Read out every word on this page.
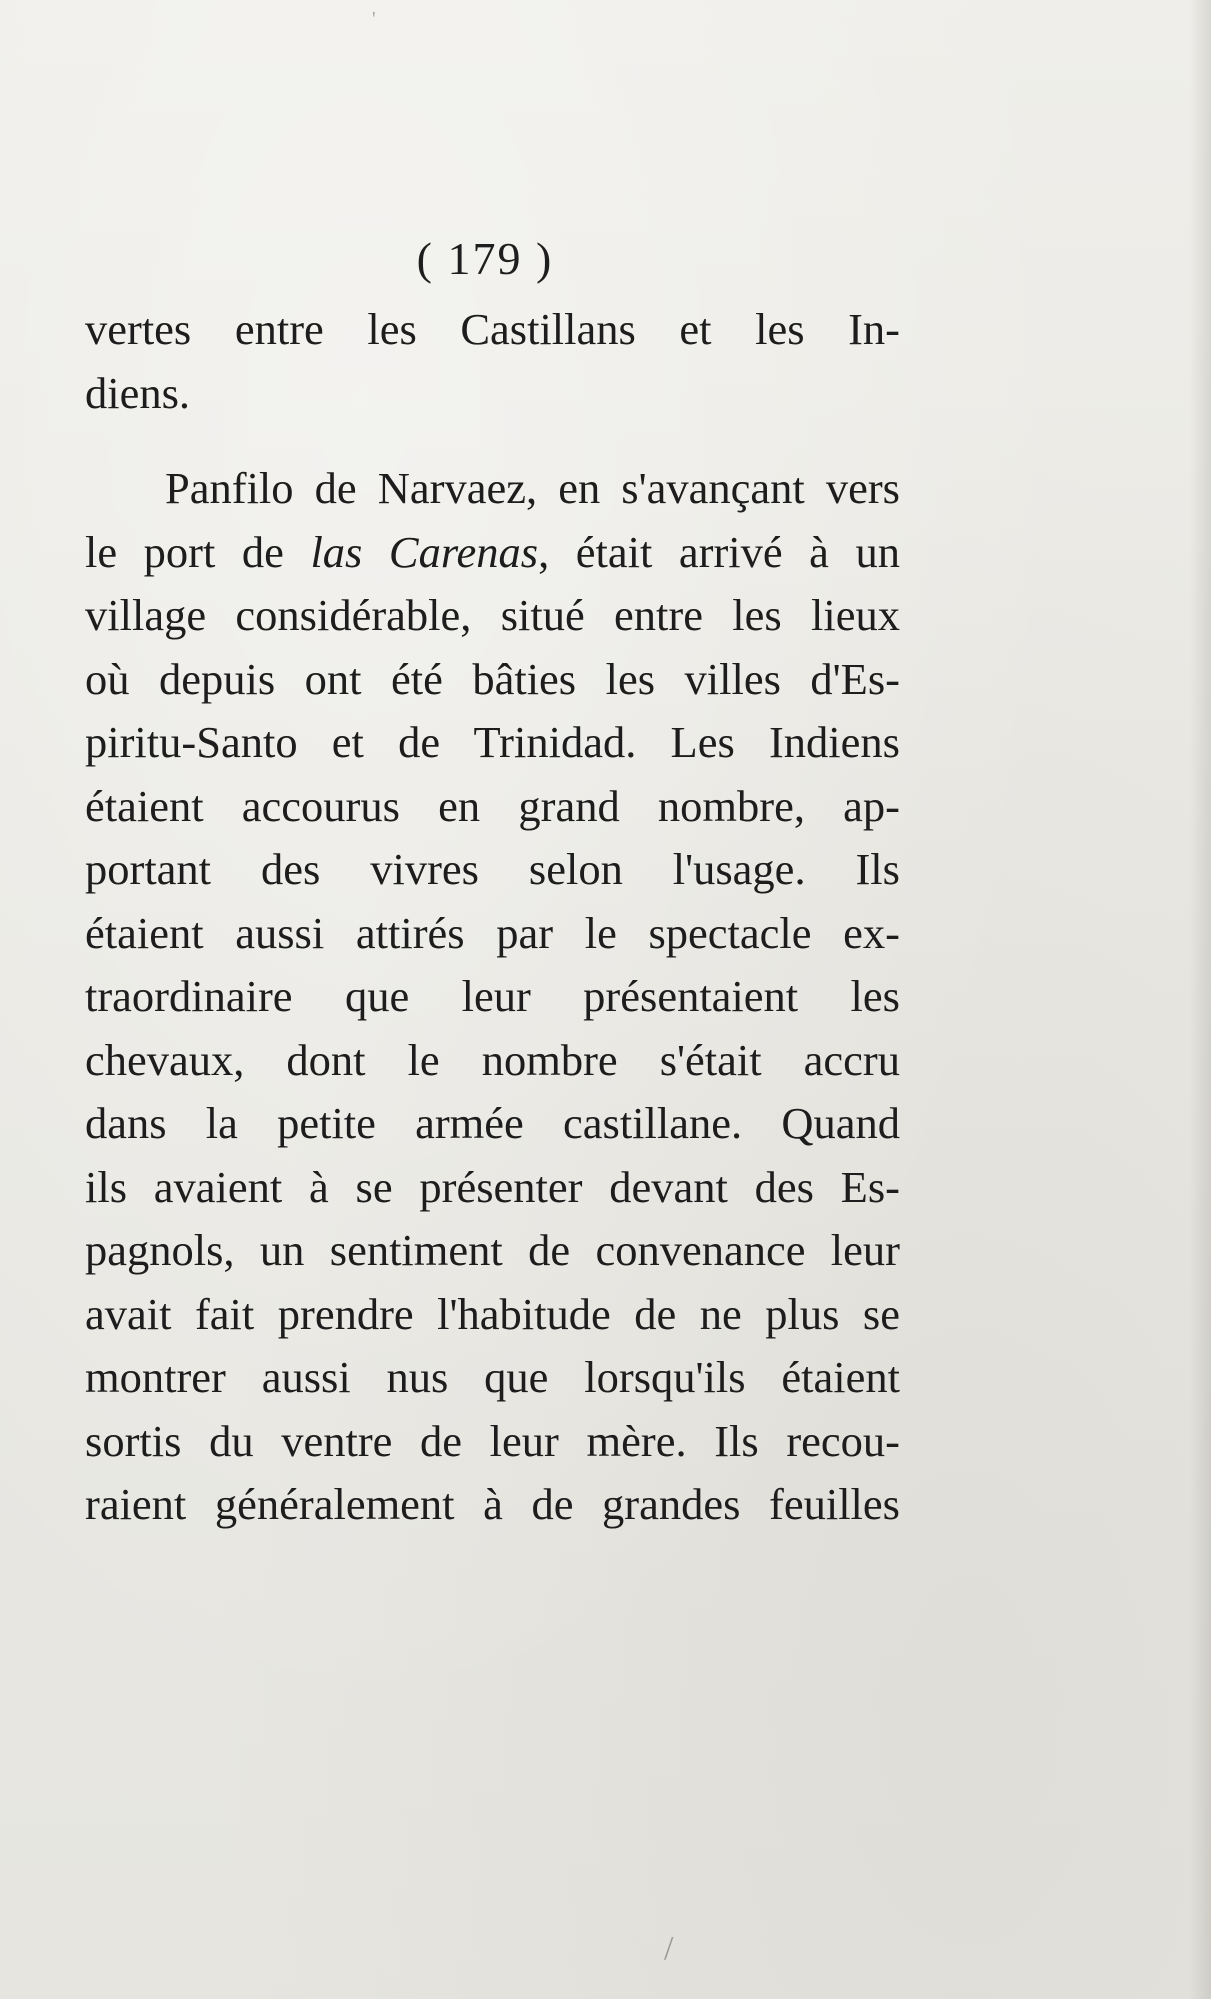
( 179 )
vertes entre les Castillans et les In-
diens.
Panfilo de Narvaez, en s'avançant vers
le port de las Carenas, était arrivé à un
village considérable, situé entre les lieux
où depuis ont été bâties les villes d'Es-
piritu-Santo et de Trinidad. Les Indiens
étaient accourus en grand nombre, ap-
portant des vivres selon l'usage. Ils
étaient aussi attirés par le spectacle ex-
traordinaire que leur présentaient les
chevaux, dont le nombre s'était accru
dans la petite armée castillane. Quand
ils avaient à se présenter devant des Es-
pagnols, un sentiment de convenance leur
avait fait prendre l'habitude de ne plus se
montrer aussi nus que lorsqu'ils étaient
sortis du ventre de leur mère. Ils recou-
raient généralement à de grandes feuilles
'
/
